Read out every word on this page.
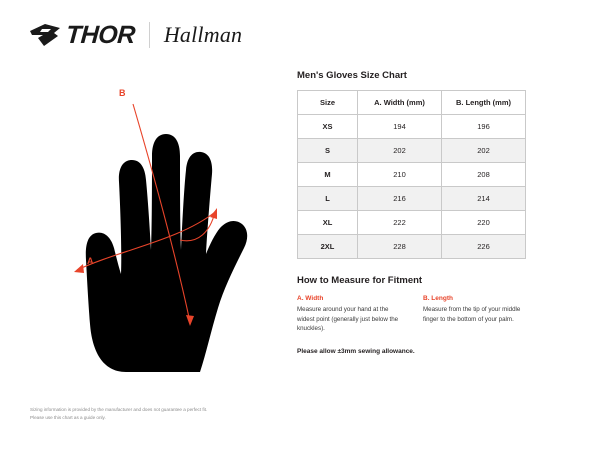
THOR Hallman
A
B
Men's Gloves Size Chart
Size	A. Width (mm)	B. Length (mm)
XS	194	196
S	202	202
M	210	208
L	216	214
XL	222	220
2XL	228	226
How to Measure for Fitment
A. Width
Measure around your hand at the widest point (generally just below the knuckles).
B. Length
Measure from the tip of your middle finger to the bottom of your palm.
Please allow ±3mm sewing allowance.
Sizing information is provided by the manufacturer and does not guarantee a perfect fit.
Please use this chart as a guide only.
